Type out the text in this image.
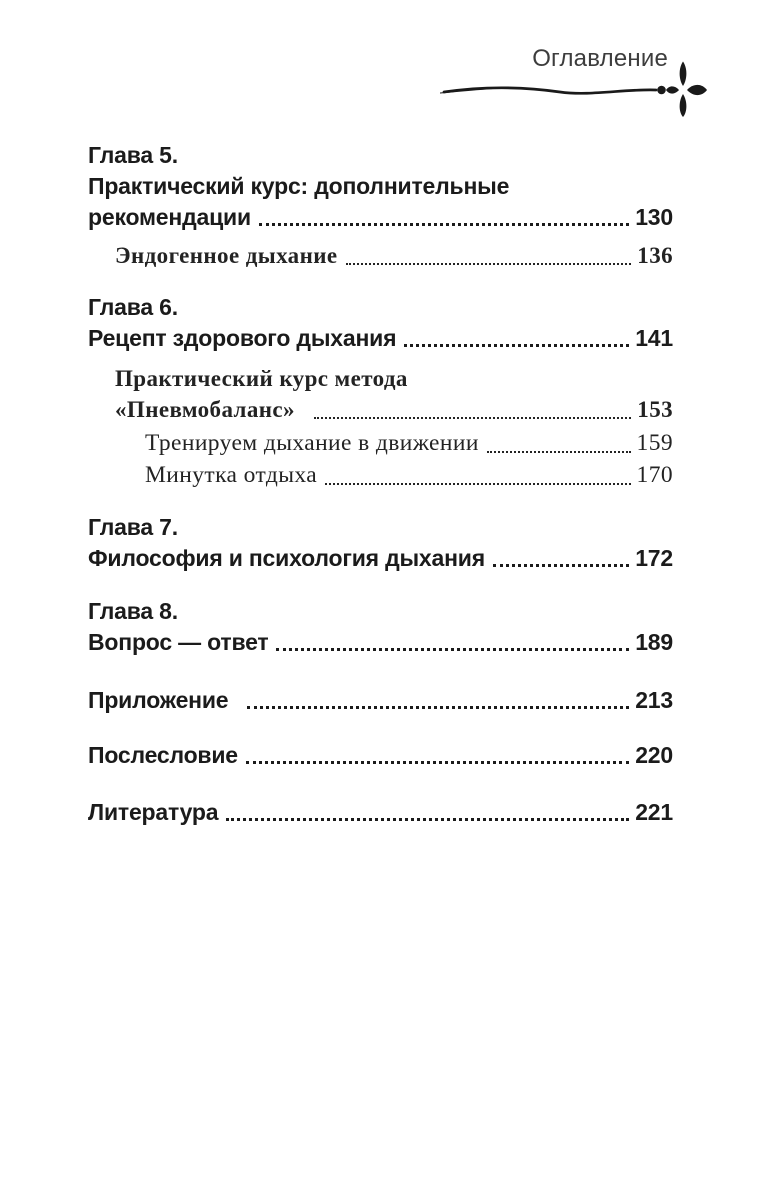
Оглавление
Глава 5.
Практический курс: дополнительные
рекомендации	130
Эндогенное дыхание	136
Глава 6.
Рецепт здорового дыхания	141
Практический курс метода
«Пневмобаланс»	153
Тренируем дыхание в движении	159
Минутка отдыха	170
Глава 7.
Философия и психология дыхания	172
Глава 8.
Вопрос — ответ	189
Приложение	213
Послесловие	220
Литература	221
